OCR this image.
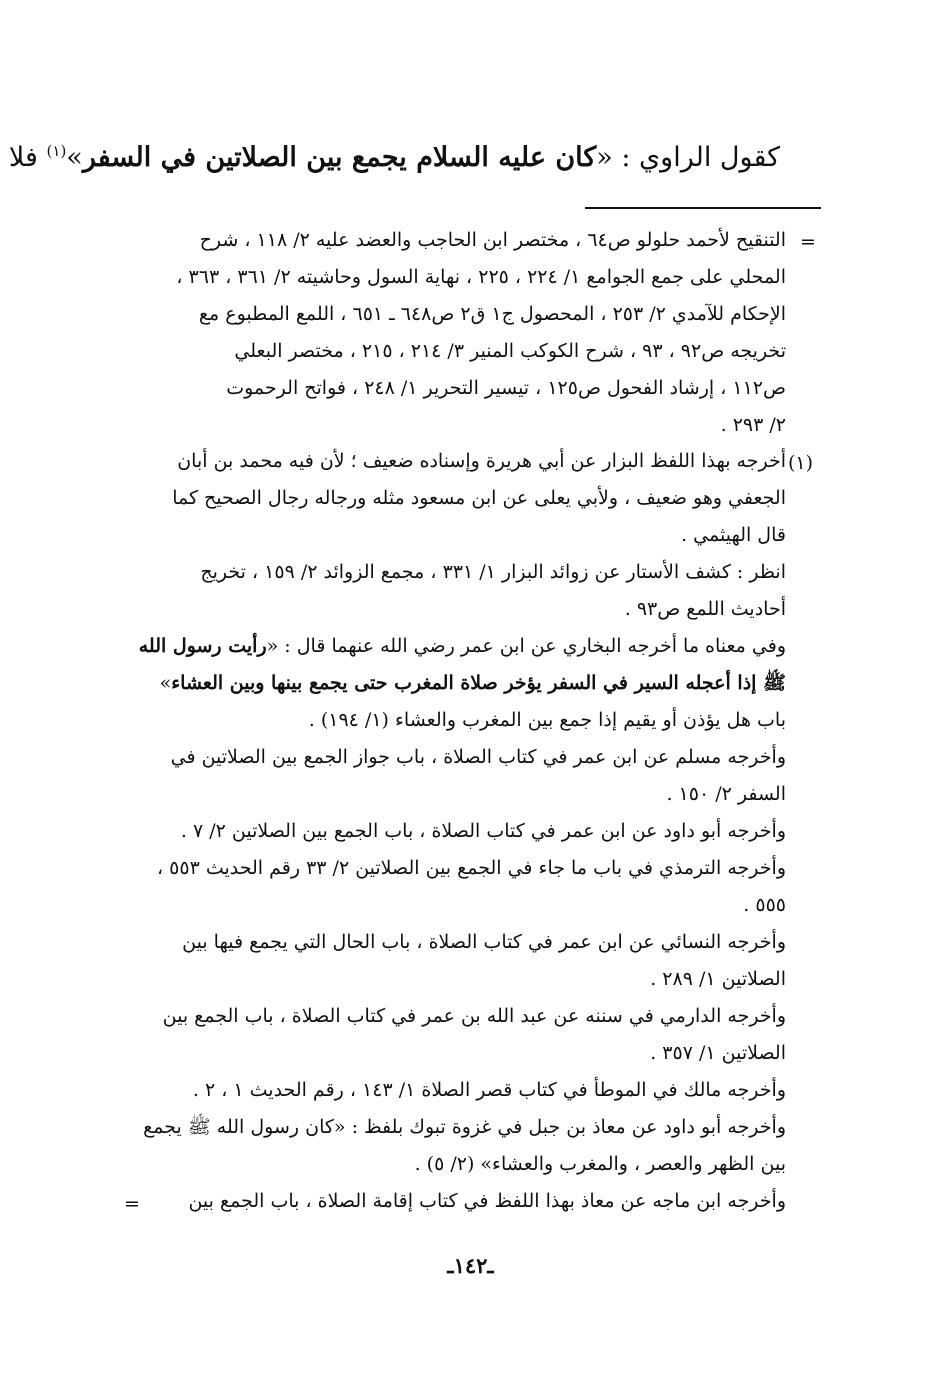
كقول الراوي : «كان عليه السلام يجمع بين الصلاتين في السفر»$^{(١)}$ فلا
=
التنقيح لأحمد حلولو ص٦٤ ، مختصر ابن الحاجب والعضد عليه ٢/ ١١٨ ، شرح
المحلي على جمع الجوامع ١/ ٢٢٤ ، ٢٢٥ ، نهاية السول وحاشيته ٢/ ٣٦١ ، ٣٦٣ ،
الإحكام للآمدي ٢/ ٢٥٣ ، المحصول ج١ ق٢ ص٦٤٨ ـ ٦٥١ ، اللمع المطبوع مع
تخريجه ص٩٢ ، ٩٣ ، شرح الكوكب المنير ٣/ ٢١٤ ، ٢١٥ ، مختصر البعلي
ص١١٢ ، إرشاد الفحول ص١٢٥ ، تيسير التحرير ١/ ٢٤٨ ، فواتح الرحموت
٢/ ٢٩٣ .
(١)
أخرجه بهذا اللفظ البزار عن أبي هريرة وإسناده ضعيف ؛ لأن فيه محمد بن أبان
الجعفي وهو ضعيف ، ولأبي يعلى عن ابن مسعود مثله ورجاله رجال الصحيح كما
قال الهيثمي .
انظر : كشف الأستار عن زوائد البزار ١/ ٣٣١ ، مجمع الزوائد ٢/ ١٥٩ ، تخريج
أحاديث اللمع ص٩٣ .
وفي معناه ما أخرجه البخاري عن ابن عمر رضي الله عنهما قال : «رأيت رسول الله
ﷺ إذا أعجله السير في السفر يؤخر صلاة المغرب حتى يجمع بينها وبين العشاء»
باب هل يؤذن أو يقيم إذا جمع بين المغرب والعشاء (١/ ١٩٤) .
وأخرجه مسلم عن ابن عمر في كتاب الصلاة ، باب جواز الجمع بين الصلاتين في
السفر ٢/ ١٥٠ .
وأخرجه أبو داود عن ابن عمر في كتاب الصلاة ، باب الجمع بين الصلاتين ٢/ ٧ .
وأخرجه الترمذي في باب ما جاء في الجمع بين الصلاتين ٢/ ٣٣ رقم الحديث ٥٥٣ ،
٥٥٥ .
وأخرجه النسائي عن ابن عمر في كتاب الصلاة ، باب الحال التي يجمع فيها بين
الصلاتين ١/ ٢٨٩ .
وأخرجه الدارمي في سننه عن عبد الله بن عمر في كتاب الصلاة ، باب الجمع بين
الصلاتين ١/ ٣٥٧ .
وأخرجه مالك في الموطأ في كتاب قصر الصلاة ١/ ١٤٣ ، رقم الحديث ١ ، ٢ .
وأخرجه أبو داود عن معاذ بن جبل في غزوة تبوك بلفظ : «كان رسول الله ﷺ يجمع
بين الظهر والعصر ، والمغرب والعشاء» (٢/ ٥) .
وأخرجه ابن ماجه عن معاذ بهذا اللفظ في كتاب إقامة الصلاة ، باب الجمع بين
=
ـ١٤٢ـ
